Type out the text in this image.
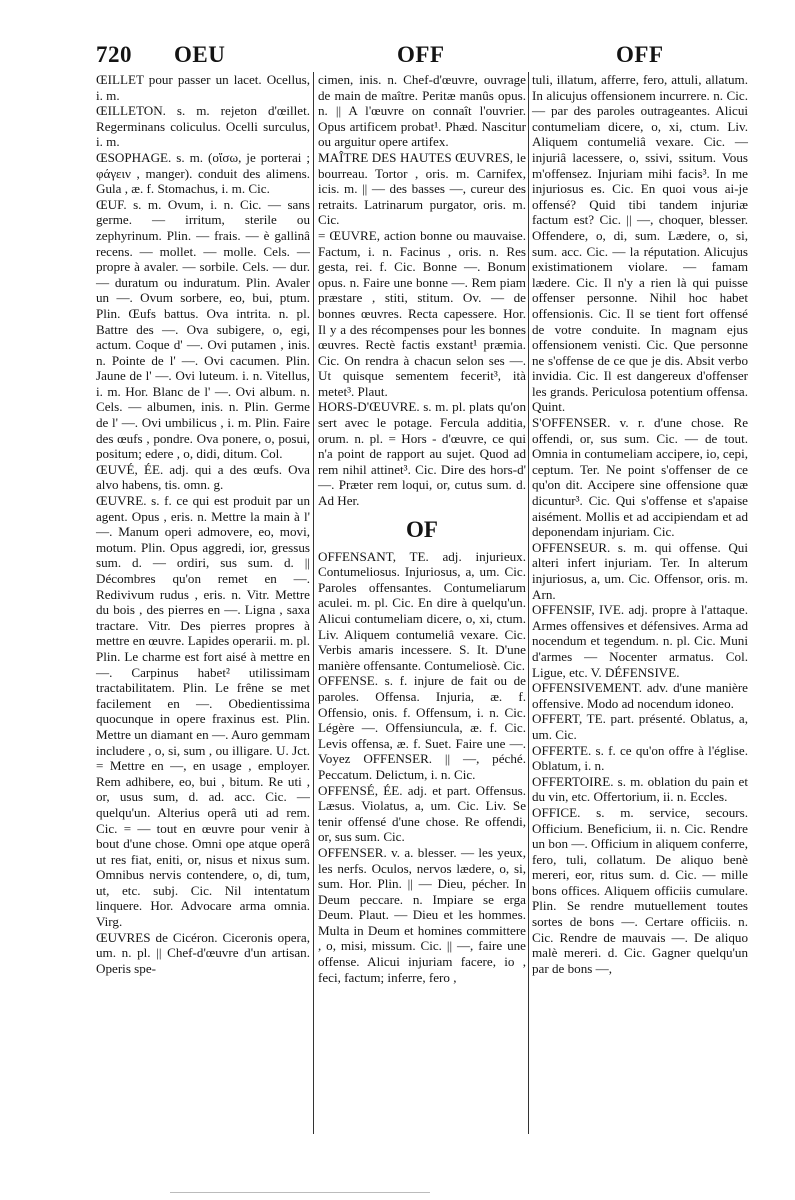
720 OEU	OFF	OFF

ŒILLET pour passer un lacet. Ocellus, i. m.

ŒILLETON. s. m. rejeton d'œillet. Regerminans coliculus. Ocelli surculus, i. m.

ŒSOPHAGE. s. m. (οἴσω, je porterai ; φάγειν , manger). conduit des alimens. Gula , æ. f. Stomachus, i. m. Cic.

ŒUF. s. m. Ovum, i. n. Cic. — sans germe. — irritum, sterile ou zephyrinum. Plin. — frais. — è gallinâ recens. — mollet. — molle. Cels. — propre à avaler. — sorbile. Cels. — dur. — duratum ou induratum. Plin. Avaler un —. Ovum sorbere, eo, bui, ptum. Plin. Œufs battus. Ova intrita. n. pl. Battre des —. Ova subigere, o, egi, actum. Coque d' —. Ovi putamen , inis. n. Pointe de l' —. Ovi cacumen. Plin. Jaune de l' —. Ovi luteum. i. n. Vitellus, i. m. Hor. Blanc de l' —. Ovi album. n. Cels. — albumen, inis. n. Plin. Germe de l' —. Ovi umbilicus , i. m. Plin. Faire des œufs , pondre. Ova ponere, o, posui, positum; edere , o, didi, ditum. Col.

ŒUVÉ, ÉE. adj. qui a des œufs. Ova alvo habens, tis. omn. g.

ŒUVRE. s. f. ce qui est produit par un agent. Opus , eris. n. Mettre la main à l' —. Manum operi admovere, eo, movi, motum. Plin. Opus aggredi, ior, gressus sum. d. — ordiri, sus sum. d. || Décombres qu'on remet en —. Redivivum rudus , eris. n. Vitr. Mettre du bois , des pierres en —. Ligna , saxa tractare. Vitr. Des pierres propres à mettre en œuvre. Lapides operarii. m. pl. Plin. Le charme est fort aisé à mettre en —. Carpinus habet² utilissimam tractabilitatem. Plin. Le frêne se met facilement en —. Obedientissima quocunque in opere fraxinus est. Plin. Mettre un diamant en —. Auro gemmam includere , o, si, sum , ou illigare. U. Jct. = Mettre en —, en usage , employer. Rem adhibere, eo, bui , bitum. Re uti , or, usus sum, d. ad. acc. Cic. — quelqu'un. Alterius operâ uti ad rem. Cic. = — tout en œuvre pour venir à bout d'une chose. Omni ope atque operâ ut res fiat, eniti, or, nisus et nixus sum. Omnibus nervis contendere, o, di, tum, ut, etc. subj. Cic. Nil intentatum linquere. Hor. Advocare arma omnia. Virg.

ŒUVRES de Cicéron. Ciceronis opera, um. n. pl. || Chef-d'œuvre d'un artisan. Operis spe-

cimen, inis. n. Chef-d'œuvre, ouvrage de main de maître. Peritæ manûs opus. n. || A l'œuvre on connaît l'ouvrier. Opus artificem probat¹. Phæd. Nascitur ou arguitur opere artifex.

MAÎTRE DES HAUTES ŒUVRES, le bourreau. Tortor , oris. m. Carnifex, icis. m. || — des basses —, cureur des retraits. Latrinarum purgator, oris. m. Cic.

= ŒUVRE, action bonne ou mauvaise. Factum, i. n. Facinus , oris. n. Res gesta, rei. f. Cic. Bonne —. Bonum opus. n. Faire une bonne —. Rem piam præstare , stiti, stitum. Ov. — de bonnes œuvres. Recta capessere. Hor. Il y a des récompenses pour les bonnes œuvres. Rectè factis exstant¹ præmia. Cic. On rendra à chacun selon ses —. Ut quisque sementem fecerit³, ità metet³. Plaut.

HORS-D'ŒUVRE. s. m. pl. plats qu'on sert avec le potage. Fercula additia, orum. n. pl. = Hors - d'œuvre, ce qui n'a point de rapport au sujet. Quod ad rem nihil attinet³. Cic. Dire des hors-d' —. Præter rem loqui, or, cutus sum. d. Ad Her.

OF

OFFENSANT, TE. adj. injurieux. Contumeliosus. Injuriosus, a, um. Cic. Paroles offensantes. Contumeliarum aculei. m. pl. Cic. En dire à quelqu'un. Alicui contumeliam dicere, o, xi, ctum. Liv. Aliquem contumeliâ vexare. Cic. Verbis amaris incessere. S. It. D'une manière offensante. Contumeliosè. Cic.

OFFENSE. s. f. injure de fait ou de paroles. Offensa. Injuria, æ. f. Offensio, onis. f. Offensum, i. n. Cic. Légère —. Offensiuncula, æ. f. Cic. Levis offensa, æ. f. Suet. Faire une —. Voyez OFFENSER. || —, péché. Peccatum. Delictum, i. n. Cic.

OFFENSÉ, ÉE. adj. et part. Offensus. Læsus. Violatus, a, um. Cic. Liv. Se tenir offensé d'une chose. Re offendi, or, sus sum. Cic.

OFFENSER. v. a. blesser. — les yeux, les nerfs. Oculos, nervos lædere, o, si, sum. Hor. Plin. || — Dieu, pécher. In Deum peccare. n. Impiare se erga Deum. Plaut. — Dieu et les hommes. Multa in Deum et homines committere , o, misi, missum. Cic. || —, faire une offense. Alicui injuriam facere, io , feci, factum; inferre, fero ,

tuli, illatum, afferre, fero, attuli, allatum. In alicujus offensionem incurrere. n. Cic. — par des paroles outrageantes. Alicui contumeliam dicere, o, xi, ctum. Liv. Aliquem contumeliâ vexare. Cic. — injuriâ lacessere, o, ssivi, ssitum. Vous m'offensez. Injuriam mihi facis³. In me injuriosus es. Cic. En quoi vous ai-je offensé? Quid tibi tandem injuriæ factum est? Cic. || —, choquer, blesser. Offendere, o, di, sum. Lædere, o, si, sum. acc. Cic. — la réputation. Alicujus existimationem violare. — famam lædere. Cic. Il n'y a rien là qui puisse offenser personne. Nihil hoc habet offensionis. Cic. Il se tient fort offensé de votre conduite. In magnam ejus offensionem venisti. Cic. Que personne ne s'offense de ce que je dis. Absit verbo invidia. Cic. Il est dangereux d'offenser les grands. Periculosa potentium offensa. Quint.

S'OFFENSER. v. r. d'une chose. Re offendi, or, sus sum. Cic. — de tout. Omnia in contumeliam accipere, io, cepi, ceptum. Ter. Ne point s'offenser de ce qu'on dit. Accipere sine offensione quæ dicuntur³. Cic. Qui s'offense et s'apaise aisément. Mollis et ad accipiendam et ad deponendam injuriam. Cic.

OFFENSEUR. s. m. qui offense. Qui alteri infert injuriam. Ter. In alterum injuriosus, a, um. Cic. Offensor, oris. m. Arn.

OFFENSIF, IVE. adj. propre à l'attaque. Armes offensives et défensives. Arma ad nocendum et tegendum. n. pl. Cic. Muni d'armes — Nocenter armatus. Col. Ligue, etc. V. DÉFENSIVE.

OFFENSIVEMENT. adv. d'une manière offensive. Modo ad nocendum idoneo.

OFFERT, TE. part. présenté. Oblatus, a, um. Cic.

OFFERTE. s. f. ce qu'on offre à l'église. Oblatum, i. n.

OFFERTOIRE. s. m. oblation du pain et du vin, etc. Offertorium, ii. n. Eccles.

OFFICE. s. m. service, secours. Officium. Beneficium, ii. n. Cic. Rendre un bon —. Officium in aliquem conferre, fero, tuli, collatum. De aliquo benè mereri, eor, ritus sum. d. Cic. — mille bons offices. Aliquem officiis cumulare. Plin. Se rendre mutuellement toutes sortes de bons —. Certare officiis. n. Cic. Rendre de mauvais —. De aliquo malè mereri. d. Cic. Gagner quelqu'un par de bons —,
